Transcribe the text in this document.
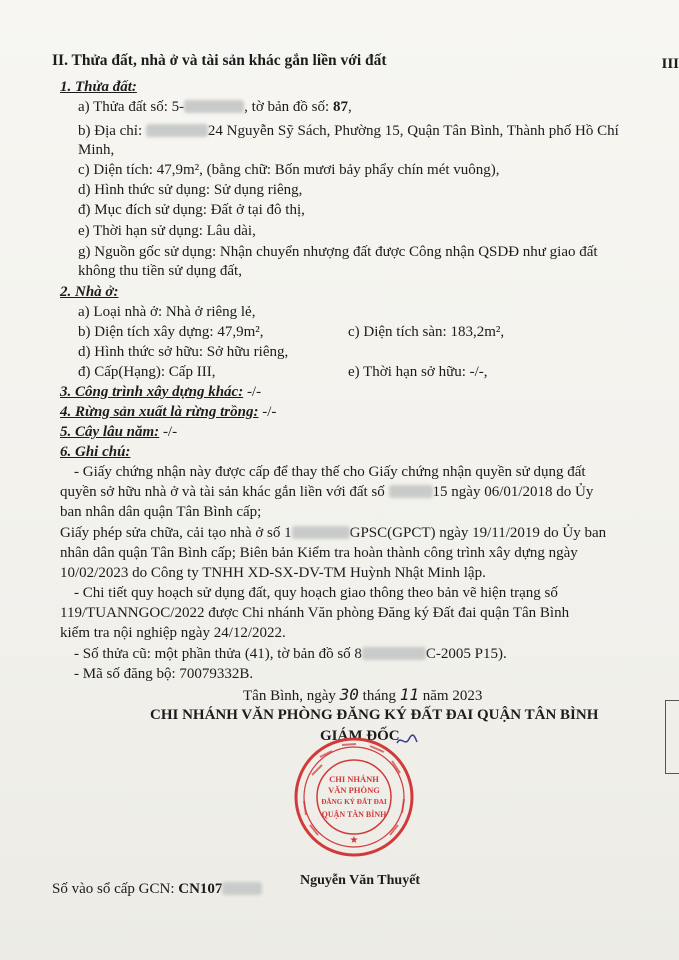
II. Thửa đất, nhà ở và tài sản khác gắn liền với đất	III
1. Thửa đất:
a) Thửa đất số: 5-	, tờ bản đồ số: 87,
b) Địa chỉ:	24 Nguyễn Sỹ Sách, Phường 15, Quận Tân Bình, Thành phố Hồ Chí
Minh,
c) Diện tích: 47,9m², (bằng chữ: Bốn mươi bảy phẩy chín mét vuông),
d) Hình thức sử dụng: Sử dụng riêng,
đ) Mục đích sử dụng: Đất ở tại đô thị,
e) Thời hạn sử dụng: Lâu dài,
g) Nguồn gốc sử dụng: Nhận chuyển nhượng đất được Công nhận QSDĐ như giao đất
không thu tiền sử dụng đất,
2. Nhà ở:
a) Loại nhà ở: Nhà ở riêng lẻ,
b) Diện tích xây dựng: 47,9m²,	c) Diện tích sàn: 183,2m²,
d) Hình thức sở hữu: Sở hữu riêng,
đ) Cấp(Hạng): Cấp III,	e) Thời hạn sở hữu: -/-,
3. Công trình xây dựng khác: -/-
4. Rừng sản xuất là rừng trồng: -/-
5. Cây lâu năm: -/-
6. Ghi chú:
- Giấy chứng nhận này được cấp để thay thế cho Giấy chứng nhận quyền sử dụng đất
quyền sở hữu nhà ở và tài sản khác gắn liền với đất số	15 ngày 06/01/2018 do Ủy
ban nhân dân quận Tân Bình cấp;
Giấy phép sửa chữa, cải tạo nhà ở số 1	GPSC(GPCT) ngày 19/11/2019 do Ủy ban
nhân dân quận Tân Bình cấp; Biên bản Kiểm tra hoàn thành công trình xây dựng ngày
10/02/2023 do Công ty TNHH XD-SX-DV-TM Huỳnh Nhật Minh lập.
- Chi tiết quy hoạch sử dụng đất, quy hoạch giao thông theo bản vẽ hiện trạng số
119/TUANNGOC/2022 được Chi nhánh Văn phòng Đăng ký Đất đai quận Tân Bình
kiểm tra nội nghiệp ngày 24/12/2022.
- Số thửa cũ: một phần thửa (41), tờ bản đồ số 8	C-2005 P15).
- Mã số đăng bộ: 70079332B.
Tân Bình, ngày 30 tháng 11 năm 2023
CHI NHÁNH VĂN PHÒNG ĐĂNG KÝ ĐẤT ĐAI QUẬN TÂN BÌNH
GIÁM ĐỐC
CHI NHÁNH
VĂN PHÒNG
ĐĂNG KÝ ĐẤT ĐAI
QUẬN TÂN BÌNH
★
Số vào sổ cấp GCN: CN107
Nguyễn Văn Thuyết
